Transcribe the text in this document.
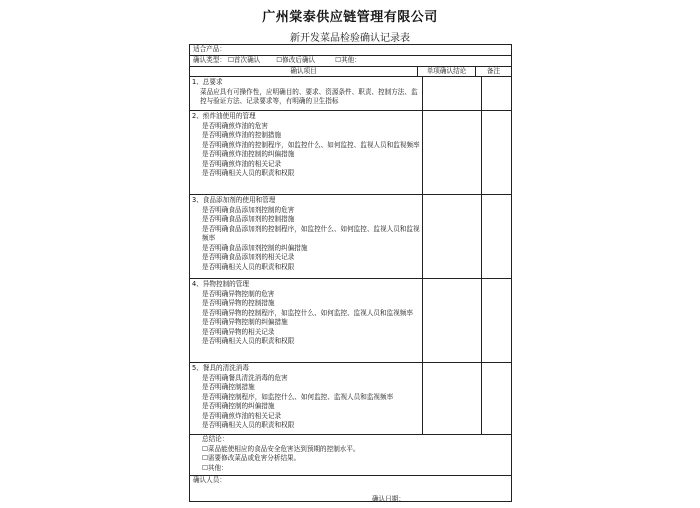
广州棠泰供应链管理有限公司
新开发菜品检验确认记录表
适合产品：
确认类型： ☐首次确认 ☐修改后确认	☐其他：
确认项目	单项确认结论	备注

1、总要求

菜品应具有可操作性，应明确目的、要求、资源条件、职责、控制方法、监控与验证方法、记录要求等，有明确的卫生指标

2、煎炸油使用的管理

是否明确煎炸油的危害

是否明确煎炸油的控制措施

是否明确煎炸油的控制程序，如监控什么、如何监控、监视人员和监视频率

是否明确煎炸油控制的纠偏措施

是否明确煎炸油的相关记录

是否明确相关人员的职责和权限

3、食品添加剂的使用和管理

是否明确食品添加剂控制的危害

是否明确食品添加剂的控制措施

是否明确食品添加剂的控制程序，如监控什么、如何监控、监视人员和监视频率

是否明确食品添加剂控制的纠偏措施

是否明确食品添加剂的相关记录

是否明确相关人员的职责和权限

4、异物控制的管理

是否明确异物控制的危害

是否明确异物的控制措施

是否明确异物的控制程序，如监控什么、如何监控、监视人员和监视频率

是否明确异物控制的纠偏措施

是否明确异物的相关记录

是否明确相关人员的职责和权限

5、餐具的清洗消毒

是否明确餐具清洗消毒的危害

是否明确控制措施

是否明确控制程序，如监控什么、如何监控、监视人员和监视频率

是否明确控制的纠偏措施

是否明确煎炸油的相关记录

是否明确相关人员的职责和权限

总结论：
☐菜品能使相应的食品安全危害达到预期的控制水平。
☐需要修改菜品或危害分析结果。
☐其他：
确认人员：
确认日期：
